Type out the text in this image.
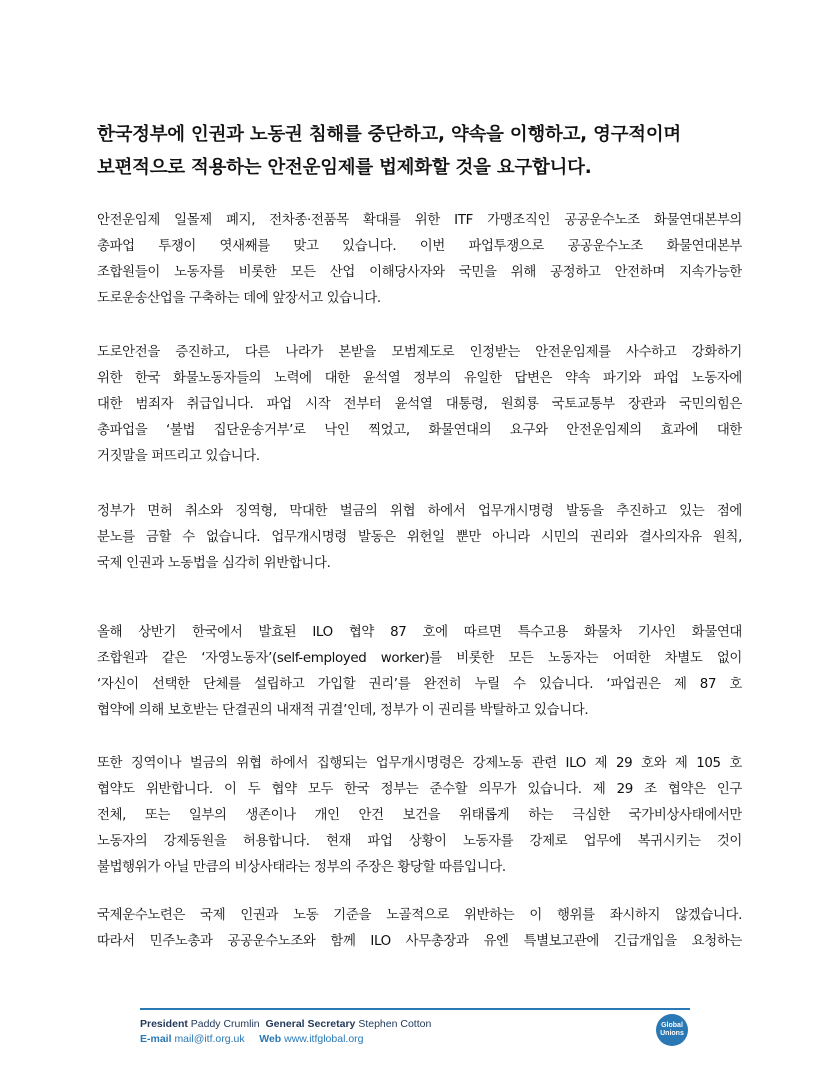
한국정부에 인권과 노동권 침해를 중단하고, 약속을 이행하고, 영구적이며
보편적으로 적용하는 안전운임제를 법제화할 것을 요구합니다.
안전운임제 일몰제 폐지, 전차종·전품목 확대를 위한 ITF 가맹조직인 공공운수노조 화물연대본부의
총파업 투쟁이 엿새째를 맞고 있습니다. 이번 파업투쟁으로 공공운수노조 화물연대본부
조합원들이 노동자를 비롯한 모든 산업 이해당사자와 국민을 위해 공정하고 안전하며 지속가능한
도로운송산업을 구축하는 데에 앞장서고 있습니다.
도로안전을 증진하고, 다른 나라가 본받을 모범제도로 인정받는 안전운임제를 사수하고 강화하기
위한 한국 화물노동자들의 노력에 대한 윤석열 정부의 유일한 답변은 약속 파기와 파업 노동자에
대한 범죄자 취급입니다. 파업 시작 전부터 윤석열 대통령, 원희룡 국토교통부 장관과 국민의힘은
총파업을 ‘불법 집단운송거부’로 낙인 찍었고, 화물연대의 요구와 안전운임제의 효과에 대한
거짓말을 퍼뜨리고 있습니다.
정부가 면허 취소와 징역형, 막대한 벌금의 위협 하에서 업무개시명령 발동을 추진하고 있는 점에
분노를 금할 수 없습니다. 업무개시명령 발동은 위헌일 뿐만 아니라 시민의 권리와 결사의자유 원칙,
국제 인권과 노동법을 심각히 위반합니다.
올해 상반기 한국에서 발효된 ILO 협약 87 호에 따르면 특수고용 화물차 기사인 화물연대
조합원과 같은 ‘자영노동자’(self-employed worker)를 비롯한 모든 노동자는 어떠한 차별도 없이
‘자신이 선택한 단체를 설립하고 가입할 권리’를 완전히 누릴 수 있습니다. ‘파업권은 제 87 호
협약에 의해 보호받는 단결권의 내재적 귀결’인데, 정부가 이 권리를 박탈하고 있습니다.
또한 징역이나 벌금의 위협 하에서 집행되는 업무개시명령은 강제노동 관련 ILO 제 29 호와 제 105 호
협약도 위반합니다. 이 두 협약 모두 한국 정부는 준수할 의무가 있습니다. 제 29 조 협약은 인구
전체, 또는 일부의 생존이나 개인 안건 보건을 위태롭게 하는 극심한 국가비상사태에서만
노동자의 강제동원을 허용합니다. 현재 파업 상황이 노동자를 강제로 업무에 복귀시키는 것이
불법행위가 아닐 만큼의 비상사태라는 정부의 주장은 황당할 따름입니다.
국제운수노련은 국제 인권과 노동 기준을 노골적으로 위반하는 이 행위를 좌시하지 않겠습니다.
따라서 민주노총과 공공운수노조와 함께 ILO 사무총장과 유엔 특별보고관에 긴급개입을 요청하는
President Paddy Crumlin General Secretary Stephen Cotton
E-mail mail@itf.org.uk Web www.itfglobal.org
Global
Unions
